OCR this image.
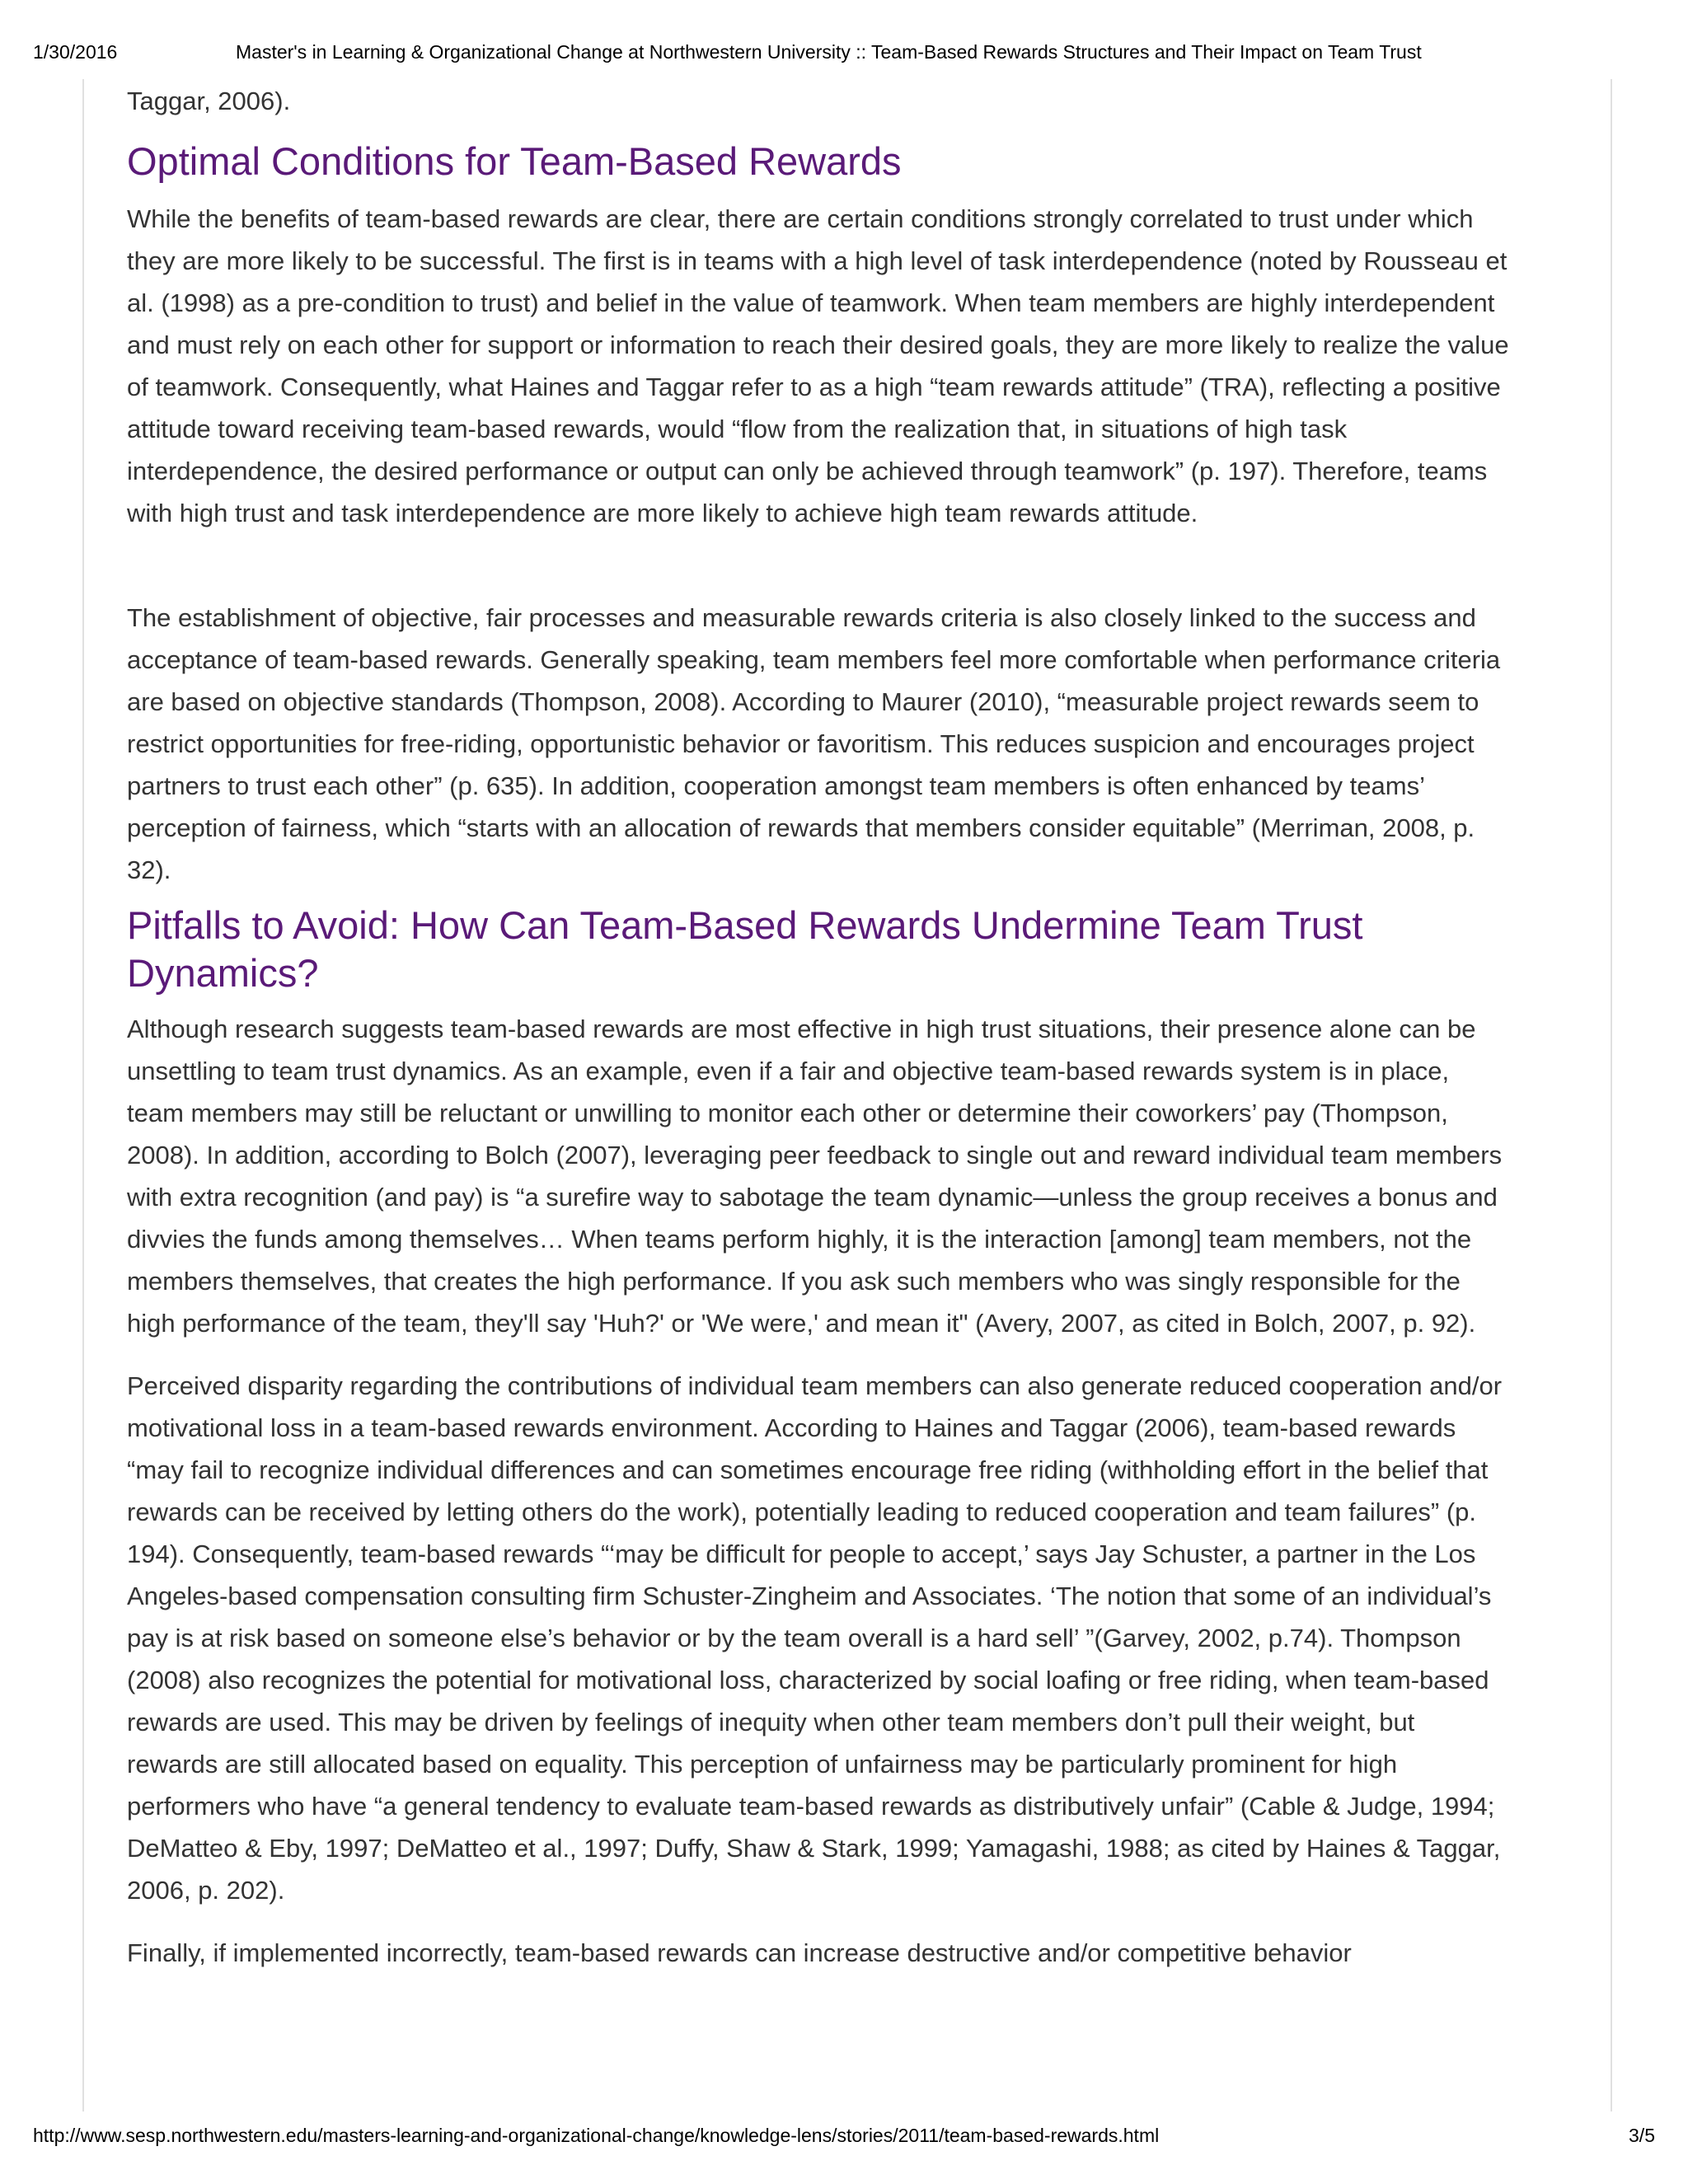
1/30/2016	Master's in Learning & Organizational Change at Northwestern University :: Team-Based Rewards Structures and Their Impact on Team Trust

Taggar, 2006).

Optimal Conditions for Team-Based Rewards

While the benefits of team-based rewards are clear, there are certain conditions strongly correlated to trust under which they are more likely to be successful. The first is in teams with a high level of task interdependence (noted by Rousseau et al. (1998) as a pre-condition to trust) and belief in the value of teamwork. When team members are highly interdependent and must rely on each other for support or information to reach their desired goals, they are more likely to realize the value of teamwork. Consequently, what Haines and Taggar refer to as a high “team rewards attitude” (TRA), reflecting a positive attitude toward receiving team-based rewards, would “flow from the realization that, in situations of high task interdependence, the desired performance or output can only be achieved through teamwork” (p. 197). Therefore, teams with high trust and task interdependence are more likely to achieve high team rewards attitude.

The establishment of objective, fair processes and measurable rewards criteria is also closely linked to the success and acceptance of team-based rewards. Generally speaking, team members feel more comfortable when performance criteria are based on objective standards (Thompson, 2008). According to Maurer (2010), “measurable project rewards seem to restrict opportunities for free-riding, opportunistic behavior or favoritism. This reduces suspicion and encourages project partners to trust each other” (p. 635). In addition, cooperation amongst team members is often enhanced by teams’ perception of fairness, which “starts with an allocation of rewards that members consider equitable” (Merriman, 2008, p. 32).

Pitfalls to Avoid: How Can Team-Based Rewards Undermine Team Trust Dynamics?

Although research suggests team-based rewards are most effective in high trust situations, their presence alone can be unsettling to team trust dynamics. As an example, even if a fair and objective team-based rewards system is in place, team members may still be reluctant or unwilling to monitor each other or determine their coworkers’ pay (Thompson, 2008). In addition, according to Bolch (2007), leveraging peer feedback to single out and reward individual team members with extra recognition (and pay) is “a surefire way to sabotage the team dynamic—unless the group receives a bonus and divvies the funds among themselves… When teams perform highly, it is the interaction [among] team members, not the members themselves, that creates the high performance. If you ask such members who was singly responsible for the high performance of the team, they'll say 'Huh?' or 'We were,' and mean it" (Avery, 2007, as cited in Bolch, 2007, p. 92).

Perceived disparity regarding the contributions of individual team members can also generate reduced cooperation and/or motivational loss in a team-based rewards environment. According to Haines and Taggar (2006), team-based rewards “may fail to recognize individual differences and can sometimes encourage free riding (withholding effort in the belief that rewards can be received by letting others do the work), potentially leading to reduced cooperation and team failures” (p. 194). Consequently, team-based rewards “‘may be difficult for people to accept,’ says Jay Schuster, a partner in the Los Angeles-based compensation consulting firm Schuster-Zingheim and Associates. ‘The notion that some of an individual’s pay is at risk based on someone else’s behavior or by the team overall is a hard sell’ ”(Garvey, 2002, p.74). Thompson (2008) also recognizes the potential for motivational loss, characterized by social loafing or free riding, when team-based rewards are used. This may be driven by feelings of inequity when other team members don’t pull their weight, but rewards are still allocated based on equality. This perception of unfairness may be particularly prominent for high performers who have “a general tendency to evaluate team-based rewards as distributively unfair” (Cable & Judge, 1994; DeMatteo & Eby, 1997; DeMatteo et al., 1997; Duffy, Shaw & Stark, 1999; Yamagashi, 1988; as cited by Haines & Taggar, 2006, p. 202).

Finally, if implemented incorrectly, team-based rewards can increase destructive and/or competitive behavior

http://www.sesp.northwestern.edu/masters-learning-and-organizational-change/knowledge-lens/stories/2011/team-based-rewards.html	3/5
